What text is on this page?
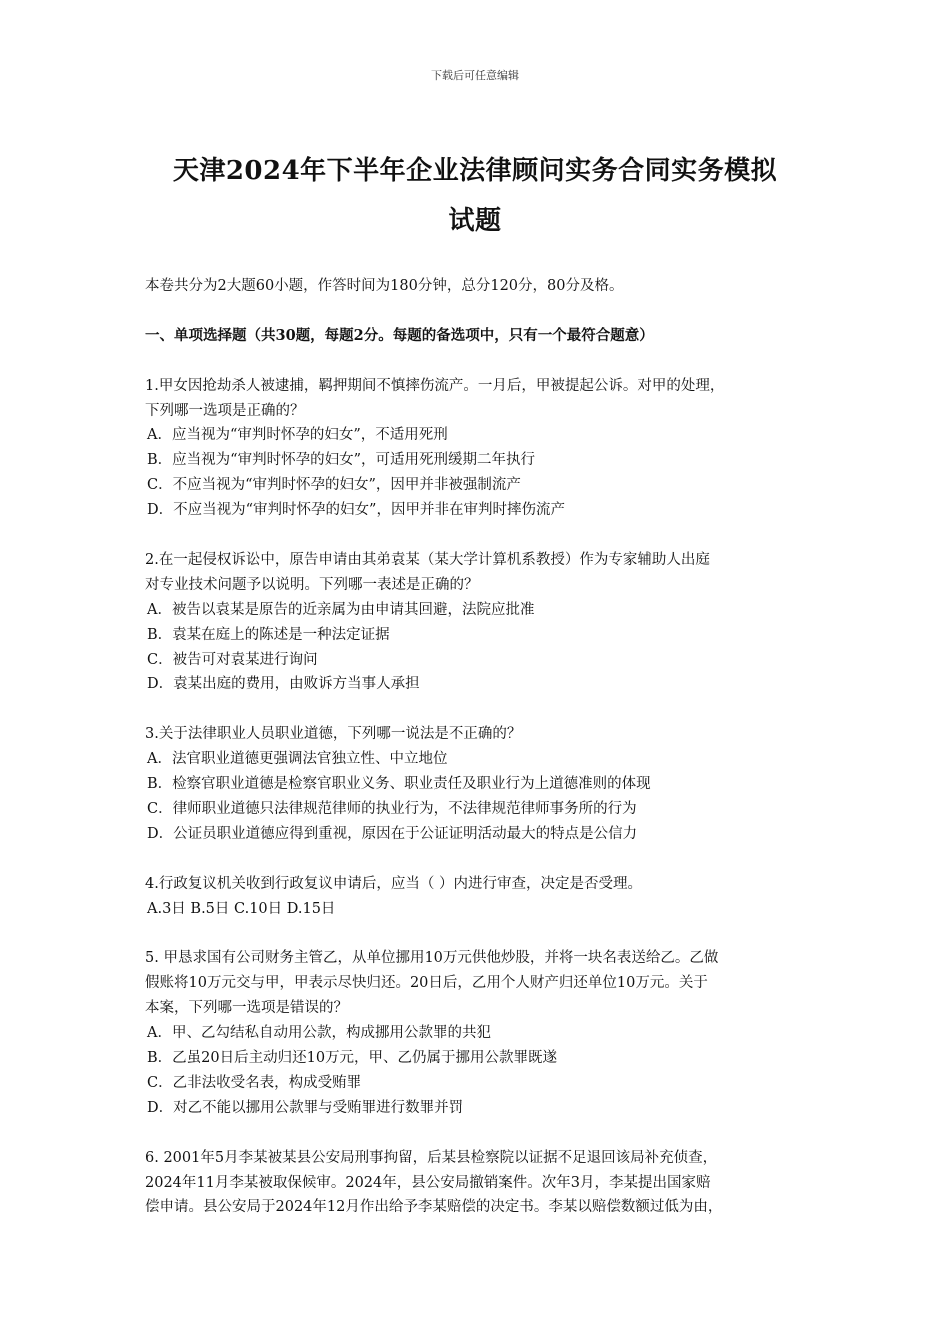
下载后可任意编辑
天津2024年下半年企业法律顾问实务合同实务模拟
试题
本卷共分为2大题60小题，作答时间为180分钟，总分120分，80分及格。
一、单项选择题（共30题，每题2分。每题的备选项中，只有一个最符合题意）
1.甲女因抢劫杀人被逮捕，羁押期间不慎摔伤流产。一月后，甲被提起公诉。对甲的处理，
下列哪一选项是正确的？
A．应当视为“审判时怀孕的妇女”，不适用死刑
B．应当视为“审判时怀孕的妇女”，可适用死刑缓期二年执行
C．不应当视为“审判时怀孕的妇女”，因甲并非被强制流产
D．不应当视为“审判时怀孕的妇女”，因甲并非在审判时摔伤流产
2.在一起侵权诉讼中，原告申请由其弟袁某（某大学计算机系教授）作为专家辅助人出庭
对专业技术问题予以说明。下列哪一表述是正确的？
A．被告以袁某是原告的近亲属为由申请其回避，法院应批准
B．袁某在庭上的陈述是一种法定证据
C．被告可对袁某进行询问
D．袁某出庭的费用，由败诉方当事人承担
3.关于法律职业人员职业道德，下列哪一说法是不正确的？
A．法官职业道德更强调法官独立性、中立地位
B．检察官职业道德是检察官职业义务、职业责任及职业行为上道德准则的体现
C．律师职业道德只法律规范律师的执业行为，不法律规范律师事务所的行为
D．公证员职业道德应得到重视，原因在于公证证明活动最大的特点是公信力
4.行政复议机关收到行政复议申请后，应当（ ）内进行审查，决定是否受理。
A.3日 B.5日 C.10日 D.15日
5. 甲恳求国有公司财务主管乙，从单位挪用10万元供他炒股，并将一块名表送给乙。乙做
假账将10万元交与甲，甲表示尽快归还。20日后，乙用个人财产归还单位10万元。关于
本案，下列哪一选项是错误的？
A．甲、乙勾结私自动用公款，构成挪用公款罪的共犯
B．乙虽20日后主动归还10万元，甲、乙仍属于挪用公款罪既遂
C．乙非法收受名表，构成受贿罪
D．对乙不能以挪用公款罪与受贿罪进行数罪并罚
6. 2001年5月李某被某县公安局刑事拘留，后某县检察院以证据不足退回该局补充侦查，
2024年11月李某被取保候审。2024年，县公安局撤销案件。次年3月，李某提出国家赔
偿申请。县公安局于2024年12月作出给予李某赔偿的决定书。李某以赔偿数额过低为由，
